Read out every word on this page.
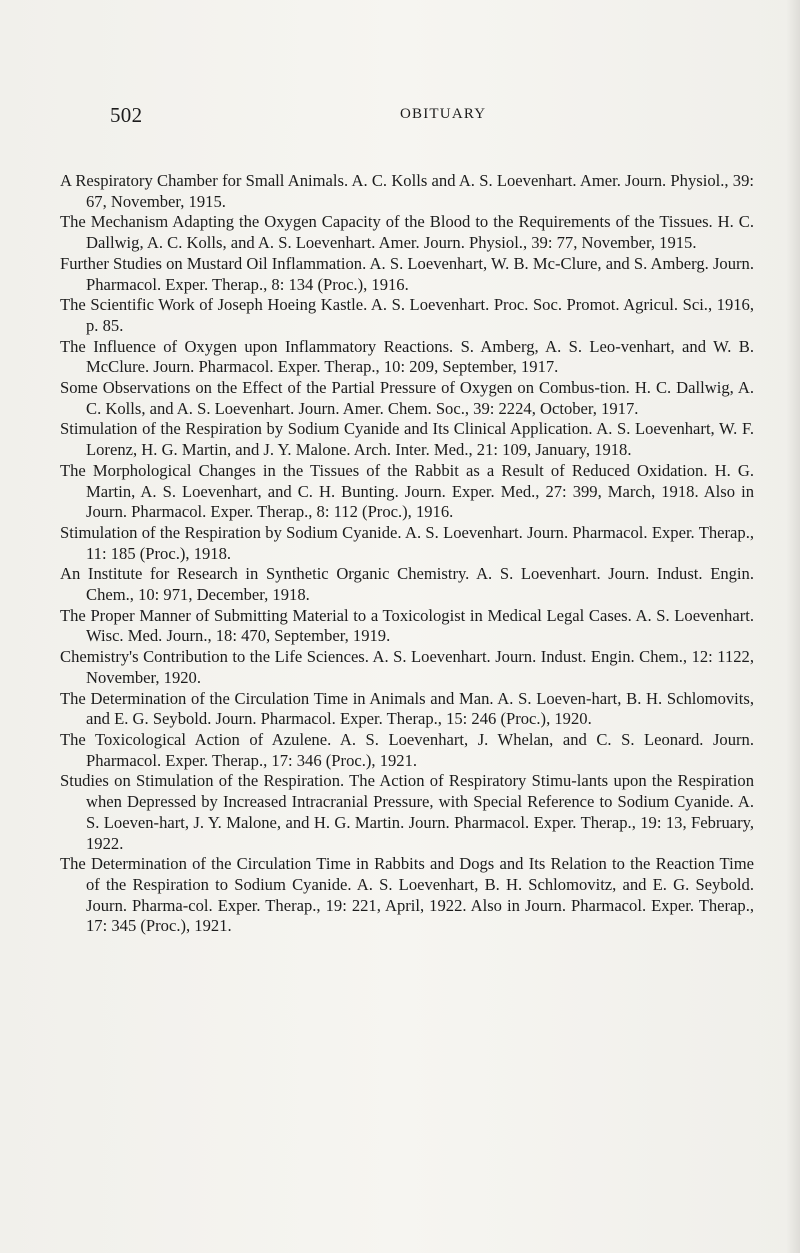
502	OBITUARY
A Respiratory Chamber for Small Animals. A. C. Kolls and A. S. Loevenhart. Amer. Journ. Physiol., 39: 67, November, 1915.
The Mechanism Adapting the Oxygen Capacity of the Blood to the Requirements of the Tissues. H. C. Dallwig, A. C. Kolls, and A. S. Loevenhart. Amer. Journ. Physiol., 39: 77, November, 1915.
Further Studies on Mustard Oil Inflammation. A. S. Loevenhart, W. B. Mc-Clure, and S. Amberg. Journ. Pharmacol. Exper. Therap., 8: 134 (Proc.), 1916.
The Scientific Work of Joseph Hoeing Kastle. A. S. Loevenhart. Proc. Soc. Promot. Agricul. Sci., 1916, p. 85.
The Influence of Oxygen upon Inflammatory Reactions. S. Amberg, A. S. Leo-venhart, and W. B. McClure. Journ. Pharmacol. Exper. Therap., 10: 209, September, 1917.
Some Observations on the Effect of the Partial Pressure of Oxygen on Combus-tion. H. C. Dallwig, A. C. Kolls, and A. S. Loevenhart. Journ. Amer. Chem. Soc., 39: 2224, October, 1917.
Stimulation of the Respiration by Sodium Cyanide and Its Clinical Application. A. S. Loevenhart, W. F. Lorenz, H. G. Martin, and J. Y. Malone. Arch. Inter. Med., 21: 109, January, 1918.
The Morphological Changes in the Tissues of the Rabbit as a Result of Reduced Oxidation. H. G. Martin, A. S. Loevenhart, and C. H. Bunting. Journ. Exper. Med., 27: 399, March, 1918. Also in Journ. Pharmacol. Exper. Therap., 8: 112 (Proc.), 1916.
Stimulation of the Respiration by Sodium Cyanide. A. S. Loevenhart. Journ. Pharmacol. Exper. Therap., 11: 185 (Proc.), 1918.
An Institute for Research in Synthetic Organic Chemistry. A. S. Loevenhart. Journ. Indust. Engin. Chem., 10: 971, December, 1918.
The Proper Manner of Submitting Material to a Toxicologist in Medical Legal Cases. A. S. Loevenhart. Wisc. Med. Journ., 18: 470, September, 1919.
Chemistry's Contribution to the Life Sciences. A. S. Loevenhart. Journ. Indust. Engin. Chem., 12: 1122, November, 1920.
The Determination of the Circulation Time in Animals and Man. A. S. Loeven-hart, B. H. Schlomovits, and E. G. Seybold. Journ. Pharmacol. Exper. Therap., 15: 246 (Proc.), 1920.
The Toxicological Action of Azulene. A. S. Loevenhart, J. Whelan, and C. S. Leonard. Journ. Pharmacol. Exper. Therap., 17: 346 (Proc.), 1921.
Studies on Stimulation of the Respiration. The Action of Respiratory Stimu-lants upon the Respiration when Depressed by Increased Intracranial Pressure, with Special Reference to Sodium Cyanide. A. S. Loeven-hart, J. Y. Malone, and H. G. Martin. Journ. Pharmacol. Exper. Therap., 19: 13, February, 1922.
The Determination of the Circulation Time in Rabbits and Dogs and Its Relation to the Reaction Time of the Respiration to Sodium Cyanide. A. S. Loevenhart, B. H. Schlomovitz, and E. G. Seybold. Journ. Pharma-col. Exper. Therap., 19: 221, April, 1922. Also in Journ. Pharmacol. Exper. Therap., 17: 345 (Proc.), 1921.
